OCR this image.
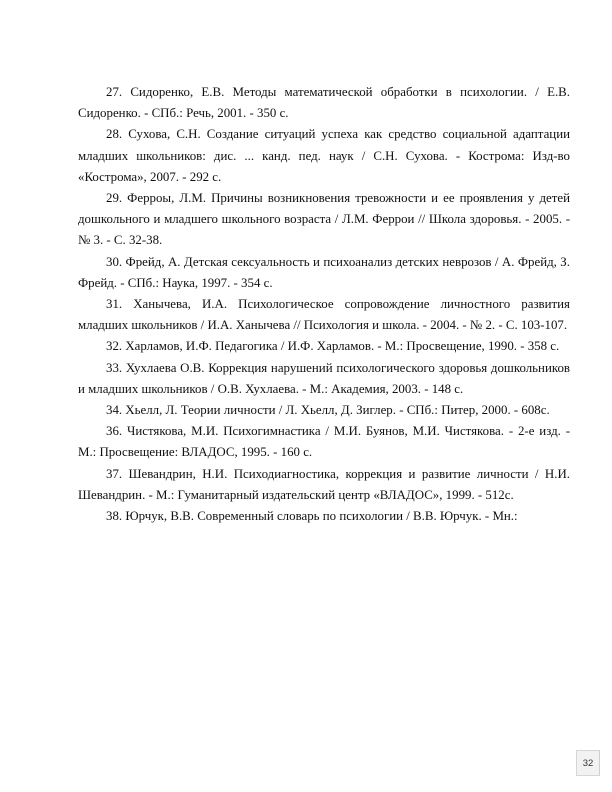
27. Сидоренко, Е.В. Методы математической обработки в психологии. / Е.В. Сидоренко. - СПб.: Речь, 2001. - 350 с.

28. Сухова, С.Н. Создание ситуаций успеха как средство социальной адаптации младших школьников: дис. ... канд. пед. наук / С.Н. Сухова. - Кострома: Изд-во «Кострома», 2007. - 292 с.

29. Ферроы, Л.М. Причины возникновения тревожности и ее проявления у детей дошкольного и младшего школьного возраста / Л.М. Феррои // Школа здоровья. - 2005. - № 3. - С. 32-38.

30. Фрейд, А. Детская сексуальность и психоанализ детских неврозов / А. Фрейд, З. Фрейд. - СПб.: Наука, 1997. - 354 с.

31. Ханычева, И.А. Психологическое сопровождение личностного развития младших школьников / И.А. Ханычева // Психология и школа. - 2004. - № 2. - С. 103-107.

32. Харламов, И.Ф. Педагогика / И.Ф. Харламов. - М.: Просвещение, 1990. - 358 с.

33. Хухлаева О.В. Коррекция нарушений психологического здоровья дошкольников и младших школьников / О.В. Хухлаева. - М.: Академия, 2003. - 148 с.

34. Хьелл, Л. Теории личности / Л. Хьелл, Д. Зиглер. - СПб.: Питер, 2000. - 608с.

36. Чистякова, М.И. Психогимнастика / М.И. Буянов, М.И. Чистякова. - 2-е изд. - М.: Просвещение: ВЛАДОС, 1995. - 160 с.

37. Шевандрин, Н.И. Психодиагностика, коррекция и развитие личности / Н.И. Шевандрин. - М.: Гуманитарный издательский центр «ВЛАДОС», 1999. - 512с.

38. Юрчук, В.В. Современный словарь по психологии / В.В. Юрчук. - Мн.:

32
